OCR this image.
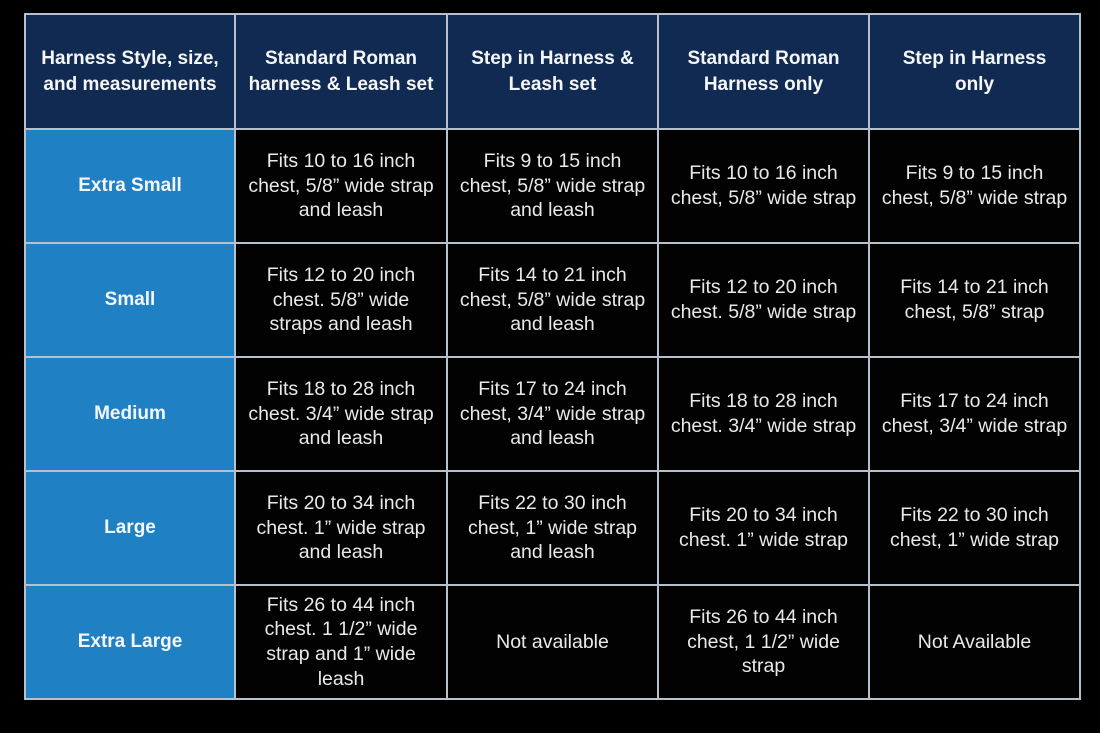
Harness Style, size, and measurements	Standard Roman harness & Leash set	Step in Harness & Leash set	Standard Roman Harness only	Step in Harness only
Extra Small	Fits 10 to 16 inch chest, 5/8” wide strap and leash	Fits 9 to 15 inch chest, 5/8” wide strap and leash	Fits 10 to 16 inch chest, 5/8” wide strap	Fits 9 to 15 inch chest, 5/8” wide strap
Small	Fits 12 to 20 inch chest. 5/8” wide straps and leash	Fits 14 to 21 inch chest, 5/8” wide strap and leash	Fits 12 to 20 inch chest. 5/8” wide strap	Fits 14 to 21 inch chest, 5/8” strap
Medium	Fits 18 to 28 inch chest. 3/4” wide strap and leash	Fits 17 to 24 inch chest, 3/4” wide strap and leash	Fits 18 to 28 inch chest. 3/4” wide strap	Fits 17 to 24 inch chest, 3/4” wide strap
Large	Fits 20 to 34 inch chest. 1” wide strap and leash	Fits 22 to 30 inch chest, 1” wide strap and leash	Fits 20 to 34 inch chest. 1” wide strap	Fits 22 to 30 inch chest, 1” wide strap
Extra Large	Fits 26 to 44 inch chest. 1 1/2” wide strap and 1” wide leash	Not available	Fits 26 to 44 inch chest, 1 1/2” wide strap	Not Available
